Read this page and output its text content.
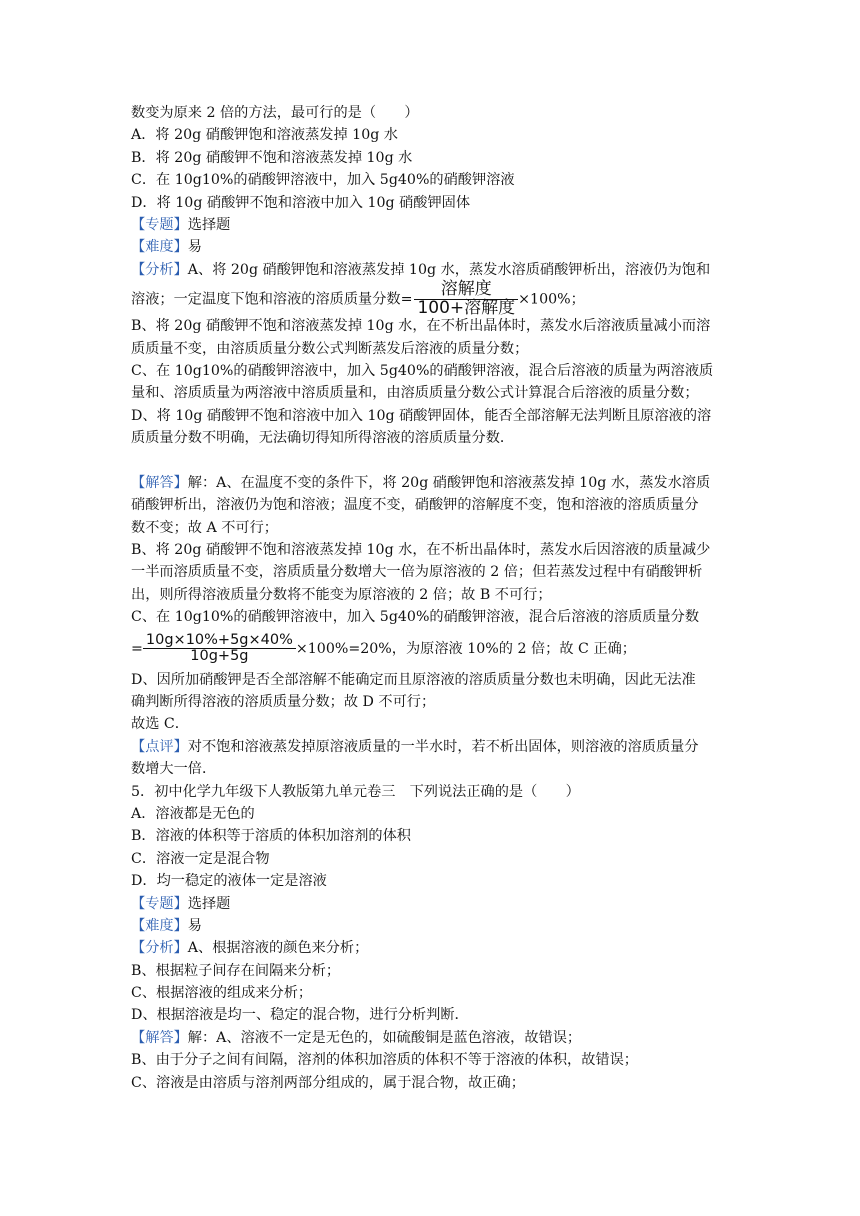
数变为原来 2 倍的方法，最可行的是（　　）
A．将 20g 硝酸钾饱和溶液蒸发掉 10g 水
B．将 20g 硝酸钾不饱和溶液蒸发掉 10g 水
C．在 10g10%的硝酸钾溶液中，加入 5g40%的硝酸钾溶液
D．将 10g 硝酸钾不饱和溶液中加入 10g 硝酸钾固体
【专题】选择题
【难度】易
【分析】A、将 20g 硝酸钾饱和溶液蒸发掉 10g 水，蒸发水溶质硝酸钾析出，溶液仍为饱和
溶液；一定温度下饱和溶液的溶质质量分数= $\frac{\text{溶解度}}{\text{100+溶解度}} \times 100\%$；
B、将 20g 硝酸钾不饱和溶液蒸发掉 10g 水，在不析出晶体时，蒸发水后溶液质量减小而溶
质质量不变，由溶质质量分数公式判断蒸发后溶液的质量分数；
C、在 10g10%的硝酸钾溶液中，加入 5g40%的硝酸钾溶液，混合后溶液的质量为两溶液质
量和、溶质质量为两溶液中溶质质量和，由溶质质量分数公式计算混合后溶液的质量分数；
D、将 10g 硝酸钾不饱和溶液中加入 10g 硝酸钾固体，能否全部溶解无法判断且原溶液的溶
质质量分数不明确，无法确切得知所得溶液的溶质质量分数．
【解答】解：A、在温度不变的条件下，将 20g 硝酸钾饱和溶液蒸发掉 10g 水，蒸发水溶质
硝酸钾析出，溶液仍为饱和溶液；温度不变，硝酸钾的溶解度不变，饱和溶液的溶质质量分
数不变；故 A 不可行；
B、将 20g 硝酸钾不饱和溶液蒸发掉 10g 水，在不析出晶体时，蒸发水后因溶液的质量减少
一半而溶质质量不变，溶质质量分数增大一倍为原溶液的 2 倍；但若蒸发过程中有硝酸钾析
出，则所得溶液质量分数将不能变为原溶液的 2 倍；故 B 不可行；
C、在 10g10%的硝酸钾溶液中，加入 5g40%的硝酸钾溶液，混合后溶液的溶质质量分数
= $\frac{10g\times 10\%+5g\times 40\%}{10g+5g} \times 100\%=20\%$，为原溶液 10%的 2 倍；故 C 正确；
D、因所加硝酸钾是否全部溶解不能确定而且原溶液的溶质质量分数也未明确，因此无法准
确判断所得溶液的溶质质量分数；故 D 不可行；
故选 C．
【点评】对不饱和溶液蒸发掉原溶液质量的一半水时，若不析出固体，则溶液的溶质质量分
数增大一倍．
5．初中化学九年级下人教版第九单元卷三　下列说法正确的是（　　）
A．溶液都是无色的
B．溶液的体积等于溶质的体积加溶剂的体积
C．溶液一定是混合物
D．均一稳定的液体一定是溶液
【专题】选择题
【难度】易
【分析】A、根据溶液的颜色来分析；
B、根据粒子间存在间隔来分析；
C、根据溶液的组成来分析；
D、根据溶液是均一、稳定的混合物，进行分析判断．
【解答】解：A、溶液不一定是无色的，如硫酸铜是蓝色溶液，故错误；
B、由于分子之间有间隔，溶剂的体积加溶质的体积不等于溶液的体积，故错误；
C、溶液是由溶质与溶剂两部分组成的，属于混合物，故正确；
